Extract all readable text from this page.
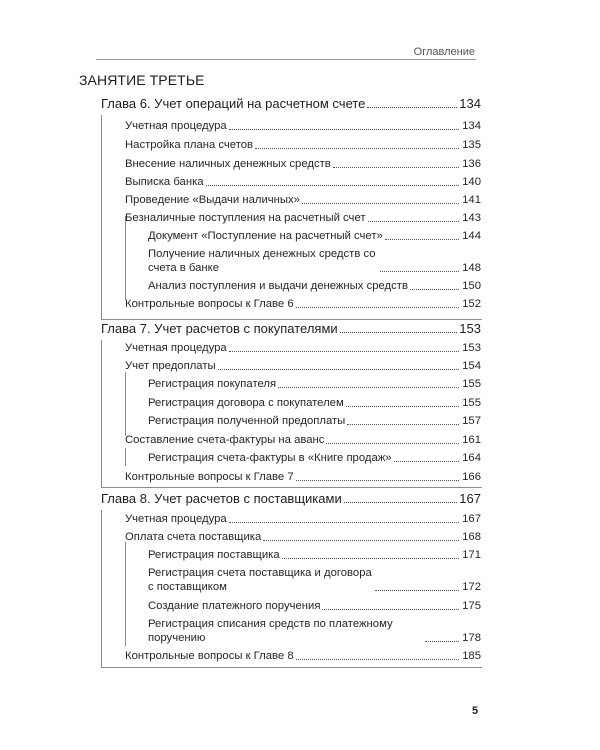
Оглавление
ЗАНЯТИЕ ТРЕТЬЕ
Глава 6. Учет операций на расчетном счете	134
Учетная процедура	134
Настройка плана счетов	135
Внесение наличных денежных средств	136
Выписка банка	140
Проведение «Выдачи наличных»	141
Безналичные поступления на расчетный счет	143
Документ «Поступление на расчетный счет»	144
Получение наличных денежных средств со счета в банке	148
Анализ поступления и выдачи денежных средств	150
Контрольные вопросы к Главе 6	152
Глава 7. Учет расчетов с покупателями	153
Учетная процедура	153
Учет предоплаты	154
Регистрация покупателя	155
Регистрация договора с покупателем	155
Регистрация полученной предоплаты	157
Составление счета-фактуры на аванс	161
Регистрация счета-фактуры в «Книге продаж»	164
Контрольные вопросы к Главе 7	166
Глава 8. Учет расчетов с поставщиками	167
Учетная процедура	167
Оплата счета поставщика	168
Регистрация поставщика	171
Регистрация счета поставщика и договора с поставщиком	172
Создание платежного поручения	175
Регистрация списания средств по платежному поручению	178
Контрольные вопросы к Главе 8	185
5
